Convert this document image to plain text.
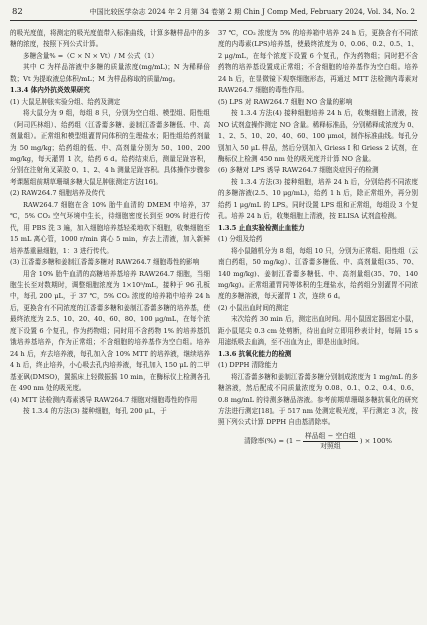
82	中国比较医学杂志 2024 年 2 月第 34 卷第 2 期 Chin J Comp Med, February 2024, Vol. 34, No. 2

的吸光度值，将测定的吸光度值带入标准曲线，计算多糖样品中的多糖的浓度，按照下列公式计算。

多糖含量% =（C × N × Vt）/ M 公式（1）

其中 C 为样品溶液中多糖的质量浓度(mg/mL)；N 为稀释倍数；Vt 为提取液总体积/mL；M 为样品称取的质量/mg。

1.3.4 体内外抗炎效果研究

(1) 大鼠足肿胀实验分组、给药及测定

将大鼠分为 9 组，每组 8 只，分别为空白组、模型组、阳性组（阿司匹林组）、给药组（江香薷多糖、姜制江香薷多糖低、中、高剂量组）。正常组和模型组灌胃同体积的生理盐水；阳性组给药剂量为 50 mg/kg；给药组的低、中、高剂量分别为 50、100、200 mg/kg，每天灌胃 1 次，给药 6 d。给药结束后，测量足趾容积，分别在注射角叉菜胶 0、1、2、4 h 测量足趾容积。具体操作步骤参考课题组前期草珊瑚多糖大鼠足肿胀测定方法[16]。

(2) RAW264.7 细胞培养及传代

RAW264.7 细胞在含 10% 胎牛血清的 DMEM 中培养，37 ℃，5% CO₂ 空气环境中生长，待细胞密度长到至 90% 时进行传代，用 PBS 洗 3 遍，加入细胞培养基轻柔地吹下细胞，收集细胞至 15 mL 离心管，1000 r/min 离心 5 min，弃去上清液，加入新鲜培养基重悬细胞，1：3 进行传代。

(3) 江香薷多糖和姜制江香薷多糖对 RAW264.7 细胞毒性的影响

用含 10% 胎牛血清的高糖培养基培养 RAW264.7 细胞，当细胞生长至对数期时，调整细胞浓度为 1×10⁵/mL，接种于 96 孔板中，每孔 200 μL，于 37 ℃，5% CO₂ 浓度的培养箱中培养 24 h 后，更换含有不同浓度的江香薷多糖和姜制江香薷多糖的培养基，使最终浓度为 2.5、10、20、40、60、80、100 μg/mL，在每个浓度下设置 6 个复孔，作为药物组；同时用不含药物 1% 的培养基饥饿培养基培养，作为正常组；不含细胞的培养基作为空白组。培养 24 h 后，弃去培养液，每孔加入含 10% MTT 的培养液，继续培养 4 h 后，终止培养，小心吸去孔内培养液，每孔加入 150 μL 的二甲基亚砜(DMSO)，置摇床上轻微振摇 10 min，在酶标仪上检测各孔在 490 nm 处的吸光度。

(4) MTT 法检测内毒素诱导 RAW264.7 细胞对细胞毒性的作用

按 1.3.4 的方法(3) 接种细胞，每孔 200 μL，于

37 ℃，CO₂ 浓度为 5% 的培养箱中培养 24 h 后，更换含有不同浓度的内毒素(LPS)培养基，使最终浓度为 0、0.06、0.2、0.5、1、2 μg/mL，在每个浓度下设置 6 个复孔，作为药物组；同时把不含药物的培养基设置成正常组；不含细胞的培养基作为空白组。培养 24 h 后，在显微镜下观察细胞形态，再通过 MTT 法检测内毒素对 RAW264.7 细胞的毒性作用。

(5) LPS 对 RAW264.7 细胞 NO 含量的影响

按 1.3.4 方法(4) 接种细胞培养 24 h 后，收集细胞上清液，按 NO 试剂盒操作测定 NO 含量。稀释标准品，分别稀释成浓度为 0、1、2、5、10、20、40、60、100 μmol，制作标准曲线。每孔分别加入 50 μL 样品，然后分别加入 Griess Ⅰ 和 Griess 2 试剂，在酶标仪上检测 450 nm 处的吸光度并计算 NO 含量。

(6) 多糖对 LPS 诱导 RAW264.7 细胞炎症因子的检测

按 1.3.4 方法(3) 接种细胞，培养 24 h 后，分别给药不同浓度的多糖溶液(2.5、10 μg/mL)，给药 1 h 后，除正常组外，再分别给药 1 μg/mL 的 LPS。同时设置 LPS 组和正常组，每组设 3 个复孔。培养 24 h 后，收集细胞上清液，按 ELISA 试剂盒检测。

1.3.5 止血实验检测止血能力

(1) 分组及给药

将小鼠随机分为 8 组，每组 10 只，分别为正常组、阳性组（云南白药组，50 mg/kg）、江香薷多糖低、中、高剂量组(35、70、140 mg/kg)、姜制江香薷多糖低、中、高剂量组(35、70、140 mg/kg)。正常组灌胃同等体积的生理盐水，给药组分别灌胃不同浓度的多糖溶液，每天灌胃 1 次，连续 6 d。

(2) 小鼠出血时间的测定

末次给药 30 min 后，测定出血时间。用小鼠固定器固定小鼠，距小鼠尾尖 0.3 cm 处剪断，待出血时立即用秒表计时，每隔 15 s 用滤纸吸去血滴，至不出血为止，即是出血时间。

1.3.6 抗氧化能力的检测

(1) DPPH 清除能力

将江香薷多糖和姜制江香薷多糖分别制成浓度为 1 mg/mL 的多糖溶液，然后配成不同质量浓度为 0.08、0.1、0.2、0.4、0.6、0.8 mg/mL 的待测多糖品溶液。参考前期草珊瑚多糖抗氧化的研究方法进行测定[18]。于 517 nm 处测定吸光度，平行测定 3 次，按照下列公式计算 DPPH 自由基清除率。

清除率(%) = ($1 - \frac{\text{样品组 − 空白组}}{\text{对照组}}$ ) × 100%
